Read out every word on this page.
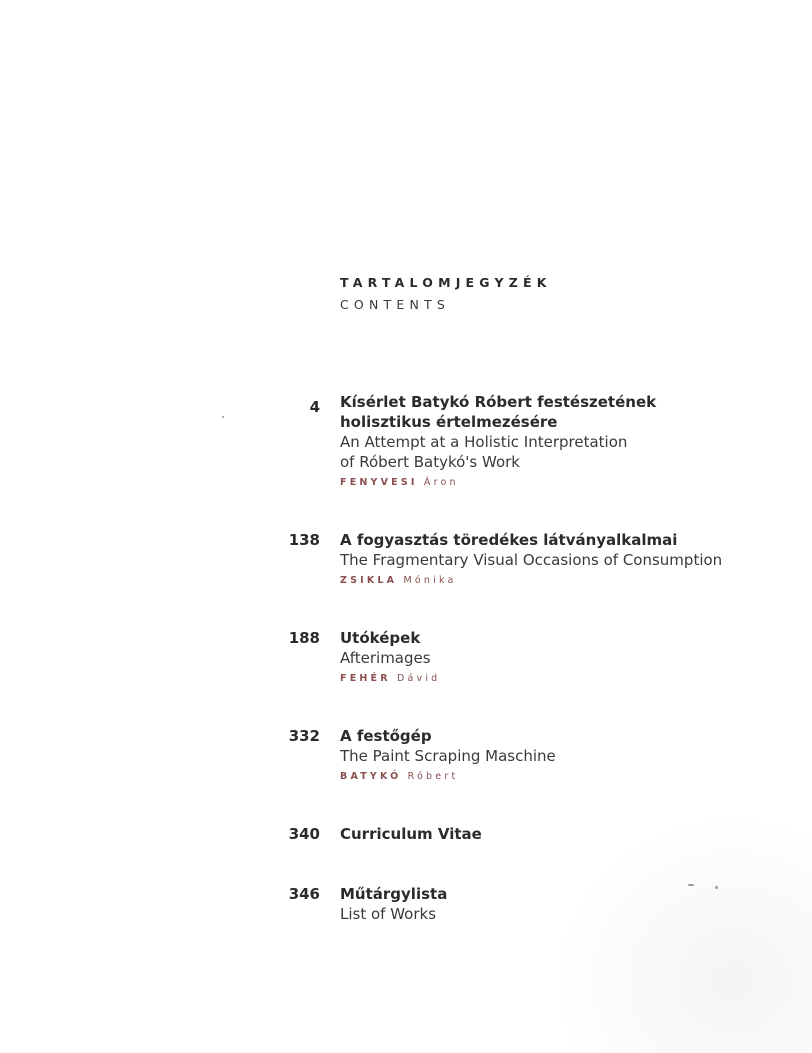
TARTALOMJEGYZÉK
CONTENTS
4 Kísérlet Batykó Róbert festészetének
holisztikus értelmezésére
An Attempt at a Holistic Interpretation
of Róbert Batykó's Work
FENYVESI Áron
138 A fogyasztás töredékes látványalkalmai
The Fragmentary Visual Occasions of Consumption
ZSIKLA Mónika
188 Utóképek
Afterimages
FEHÉR Dávid
332 A festőgép
The Paint Scraping Maschine
BATYKÓ Róbert
340 Curriculum Vitae
346 Műtárgylista
List of Works
